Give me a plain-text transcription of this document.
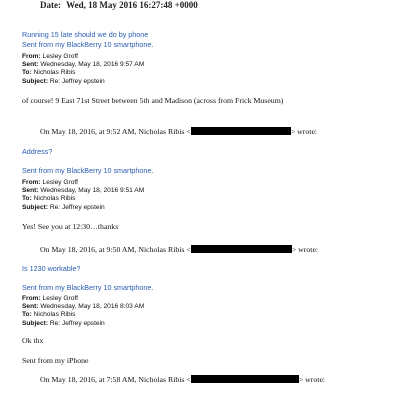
Date: Wed, 18 May 2016 16:27:48 +0000
Running 15 late should we do by phone
Sent from my BlackBerry 10 smartphone.
From: Lesley Groff
Sent: Wednesday, May 18, 2016 9:57 AM
To: Nicholas Ribis
Subject: Re: Jeffrey epstein
of course! 9 East 71st Street between 5th and Madison (across from Frick Museum)
On May 18, 2016, at 9:52 AM, Nicholas Ribis <	> wrote:
Address?
Sent from my BlackBerry 10 smartphone.
From: Lesley Groff
Sent: Wednesday, May 18, 2016 9:51 AM
To: Nicholas Ribis
Subject: Re: Jeffrey epstein
Yes! See you at 12:30…thanks
On May 18, 2016, at 9:50 AM, Nicholas Ribis <	> wrote:
Is 1230 workable?
Sent from my BlackBerry 10 smartphone.
From: Lesley Groff
Sent: Wednesday, May 18, 2016 8:03 AM
To: Nicholas Ribis
Subject: Re: Jeffrey epstein
Ok thx
Sent from my iPhone
On May 18, 2016, at 7:58 AM, Nicholas Ribis <	> wrote:
